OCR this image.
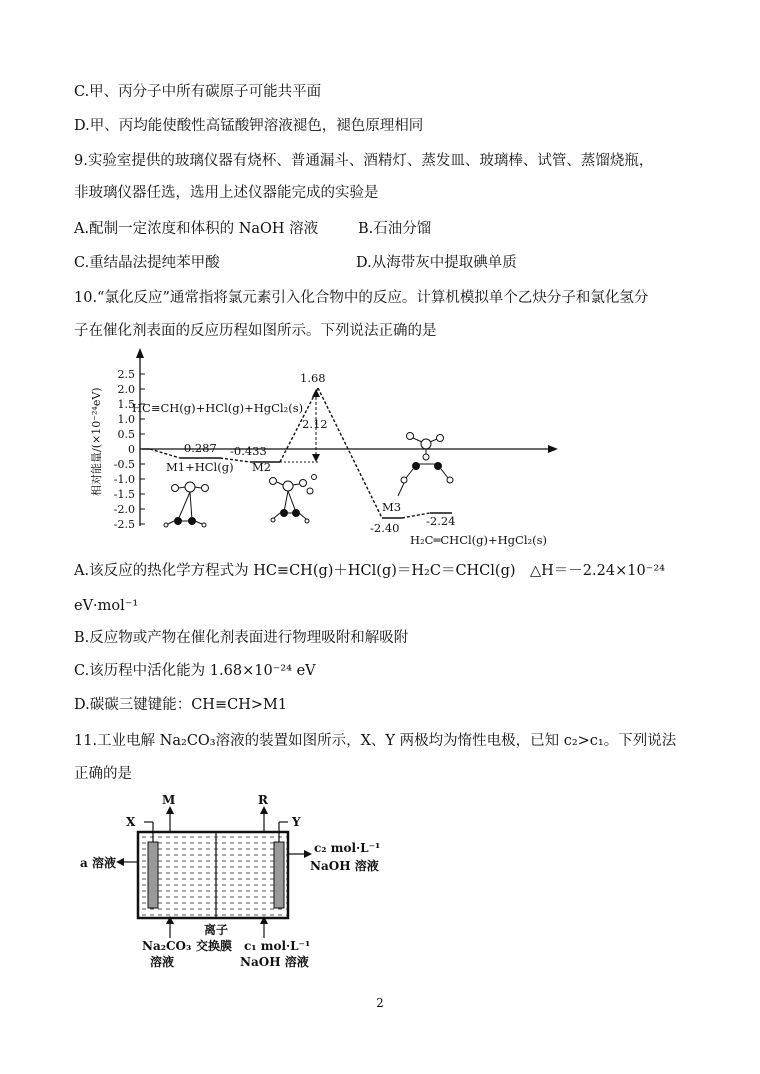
C.甲、丙分子中所有碳原子可能共平面
D.甲、丙均能使酸性高锰酸钾溶液褪色，褪色原理相同
9.实验室提供的玻璃仪器有烧杯、普通漏斗、酒精灯、蒸发皿、玻璃棒、试管、蒸馏烧瓶，
非玻璃仪器任选，选用上述仪器能完成的实验是
A.配制一定浓度和体积的 NaOH 溶液	B.石油分馏
C.重结晶法提纯苯甲酸	D.从海带灰中提取碘单质
10.“氯化反应”通常指将氯元素引入化合物中的反应。计算机模拟单个乙炔分子和氯化氢分
子在催化剂表面的反应历程如图所示。下列说法正确的是
相对能量/(×10⁻²⁴eV)
2.5
2.0
1.5
1.0
0.5
0
-0.5
-1.0
-1.5
-2.0
-2.5
1.68
2.12
-0.287 -0.433
-2.40 -2.24
HC≡CH(g)+HCl(g)+HgCl₂(s)
M1+HCl(g) M2
M3
H₂C═CHCl(g)+HgCl₂(s)
A.该反应的热化学方程式为 HC≡CH(g)＋HCl(g)＝H₂C＝CHCl(g)　△H＝－2.24×10⁻²⁴
eV·mol⁻¹
B.反应物或产物在催化剂表面进行物理吸附和解吸附
C.该历程中活化能为 1.68×10⁻²⁴ eV
D.碳碳三键键能：CH≡CH>M1
11.工业电解 Na₂CO₃溶液的装置如图所示，X、Y 两极均为惰性电极，已知 c₂>c₁。下列说法
正确的是
X
M	R
Y
a 溶液
c₂ mol·L⁻¹
NaOH 溶液
Na₂CO₃
溶液
离子
交换膜 c₁ mol·L⁻¹
NaOH 溶液
2
